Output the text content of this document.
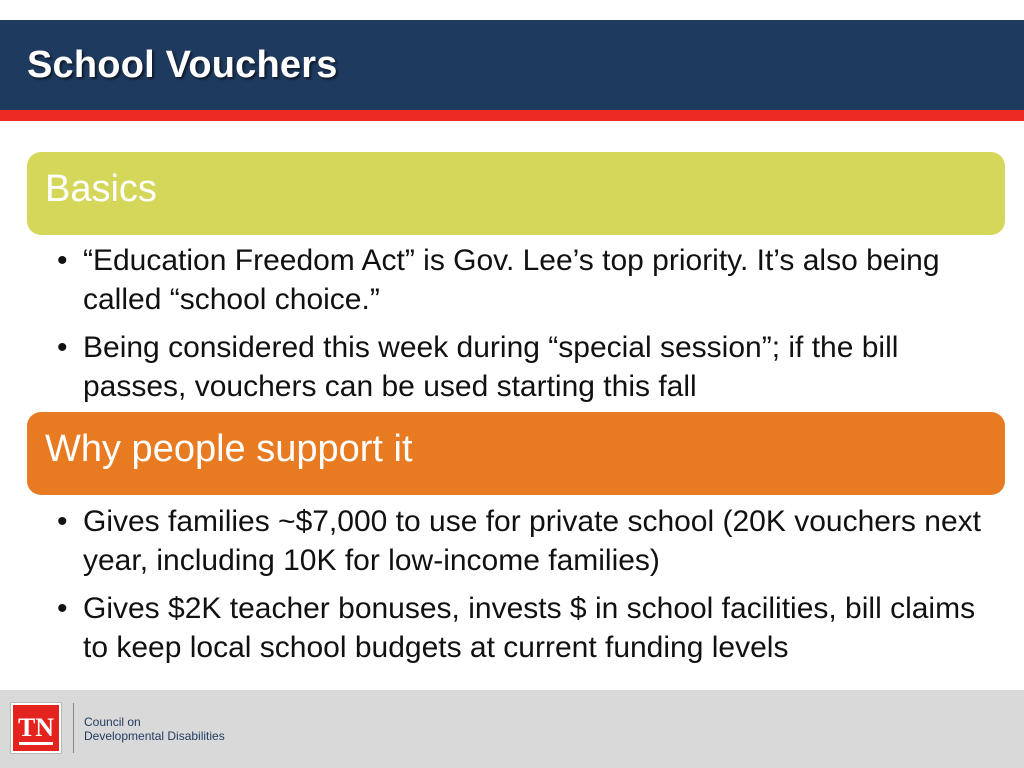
School Vouchers
Basics
• “Education Freedom Act” is Gov. Lee’s top priority. It’s also being called “school choice.”
• Being considered this week during “special session”; if the bill passes, vouchers can be used starting this fall
Why people support it
• Gives families ~$7,000 to use for private school (20K vouchers next year, including 10K for low-income families)
• Gives $2K teacher bonuses, invests $ in school facilities, bill claims to keep local school budgets at current funding levels
TN	Council on
Developmental Disabilities
